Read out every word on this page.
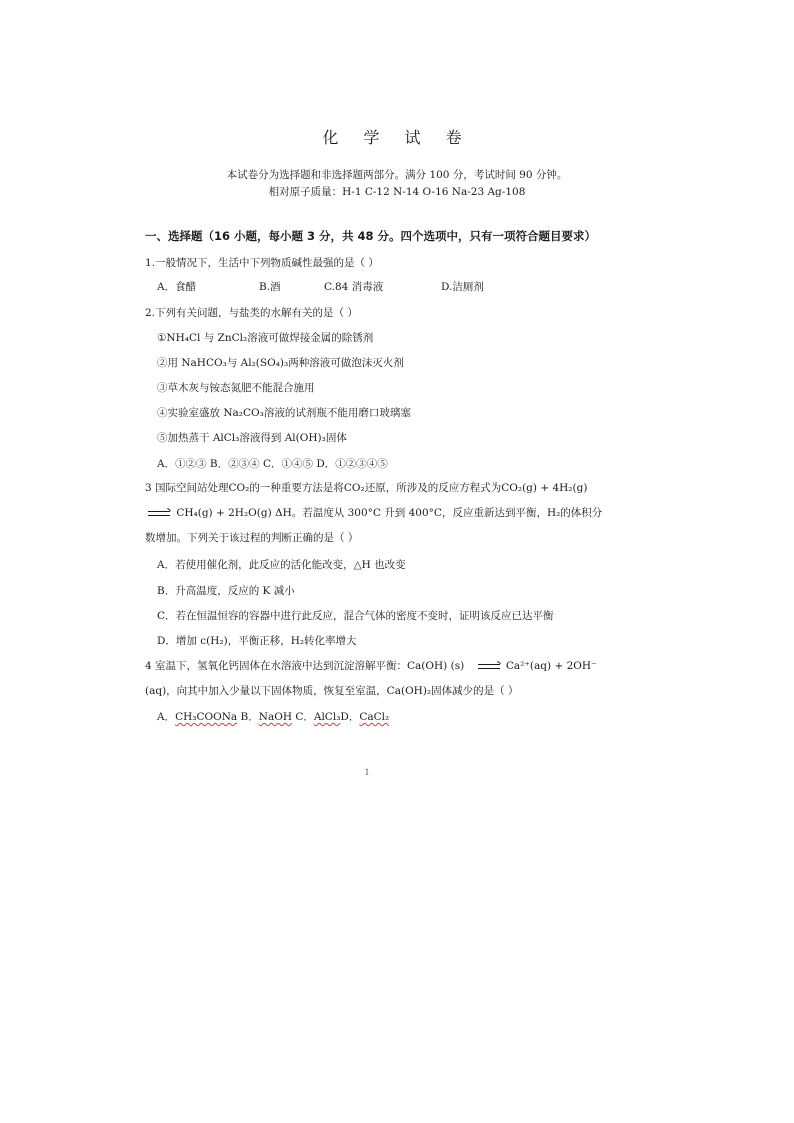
化 学 试 卷
本试卷分为选择题和非选择题两部分。满分 100 分，考试时间 90 分钟。
相对原子质量：H-1 C-12 N-14 O-16 Na-23 Ag-108
一、选择题（16 小题，每小题 3 分，共 48 分。四个选项中，只有一项符合题目要求）
1.一般情况下，生活中下列物质碱性最强的是（ ）
A．食醋	B.酒	C.84 消毒液	D.洁厕剂
2.下列有关问题，与盐类的水解有关的是（ ）
①NH₄Cl 与 ZnCl₂溶液可做焊接金属的除锈剂
②用 NaHCO₃与 Al₂(SO₄)₃两种溶液可做泡沫灭火剂
③草木灰与铵态氮肥不能混合施用
④实验室盛放 Na₂CO₃溶液的试剂瓶不能用磨口玻璃塞
⑤加热蒸干 AlCl₃溶液得到 Al(OH)₃固体
A．①②③ B．②③④ C．①④⑤ D．①②③④⑤
3 国际空间站处理CO₂的一种重要方法是将CO₂还原，所涉及的反应方程式为CO₂(g) + 4H₂(g)
→ CH₄(g) + 2H₂O(g) ΔH。若温度从 300°C 升到 400°C，反应重新达到平衡，H₂的体积分
数增加。下列关于该过程的判断正确的是（ ）
A．若使用催化剂，此反应的活化能改变，△H 也改变
B．升高温度，反应的 K 减小
C．若在恒温恒容的容器中进行此反应，混合气体的密度不变时，证明该反应已达平衡
D．增加 c(H₂)，平衡正移，H₂转化率增大
4 室温下，氢氧化钙固体在水溶液中达到沉淀溶解平衡：Ca(OH) (s) → Ca²⁺(aq) + 2OH⁻
(aq)，向其中加入少量以下固体物质，恢复至室温，Ca(OH)₂固体减少的是（ ）
A．CH₃COONa B．NaOH C．AlCl₃D．CaCl₂
1
